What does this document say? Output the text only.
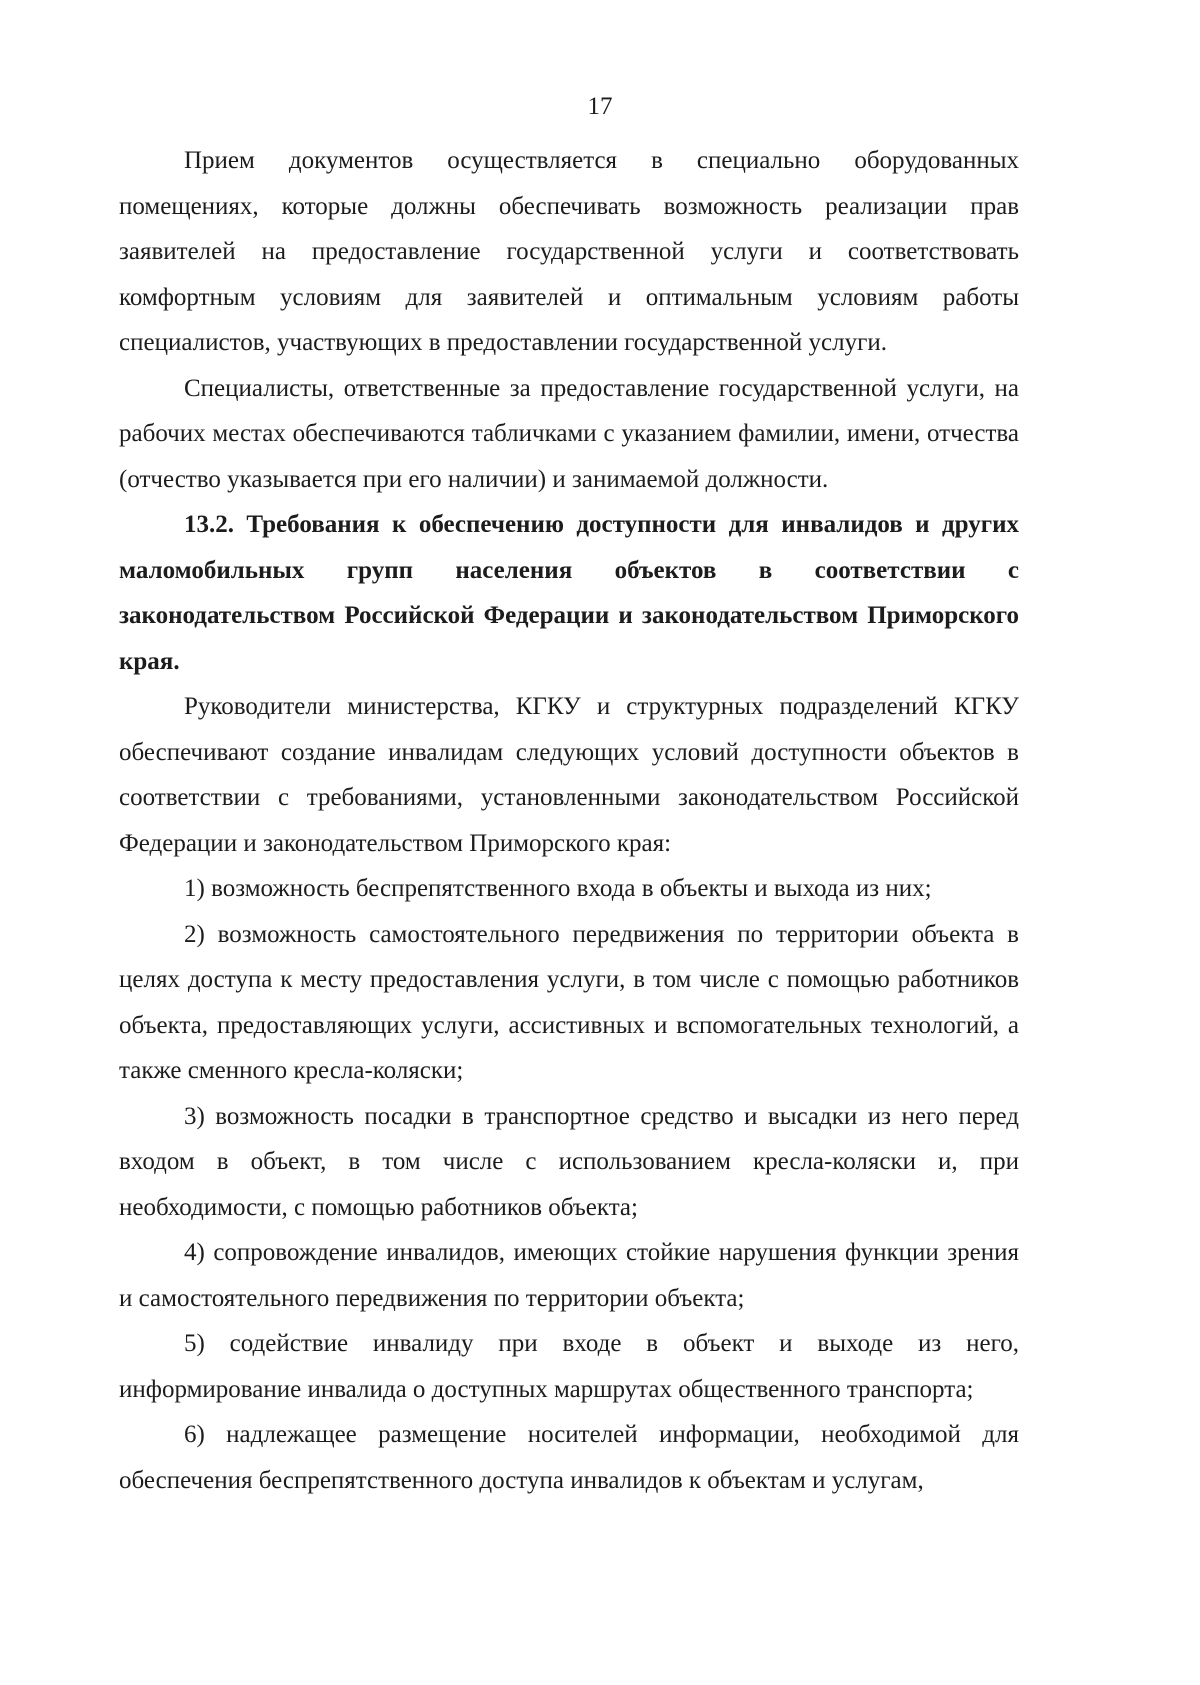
17

Прием документов осуществляется в специально оборудованных помещениях, которые должны обеспечивать возможность реализации прав заявителей на предоставление государственной услуги и соответствовать комфортным условиям для заявителей и оптимальным условиям работы специалистов, участвующих в предоставлении государственной услуги.

Специалисты, ответственные за предоставление государственной услуги, на рабочих местах обеспечиваются табличками с указанием фамилии, имени, отчества (отчество указывается при его наличии) и занимаемой должности.

13.2. Требования к обеспечению доступности для инвалидов и других маломобильных групп населения объектов в соответствии с законодательством Российской Федерации и законодательством Приморского края.

Руководители министерства, КГКУ и структурных подразделений КГКУ обеспечивают создание инвалидам следующих условий доступности объектов в соответствии с требованиями, установленными законодательством Российской Федерации и законодательством Приморского края:

1) возможность беспрепятственного входа в объекты и выхода из них;

2) возможность самостоятельного передвижения по территории объекта в целях доступа к месту предоставления услуги, в том числе с помощью работников объекта, предоставляющих услуги, ассистивных и вспомогательных технологий, а также сменного кресла-коляски;

3) возможность посадки в транспортное средство и высадки из него перед входом в объект, в том числе с использованием кресла-коляски и, при необходимости, с помощью работников объекта;

4) сопровождение инвалидов, имеющих стойкие нарушения функции зрения и самостоятельного передвижения по территории объекта;

5) содействие инвалиду при входе в объект и выходе из него, информирование инвалида о доступных маршрутах общественного транспорта;

6) надлежащее размещение носителей информации, необходимой для обеспечения беспрепятственного доступа инвалидов к объектам и услугам,
